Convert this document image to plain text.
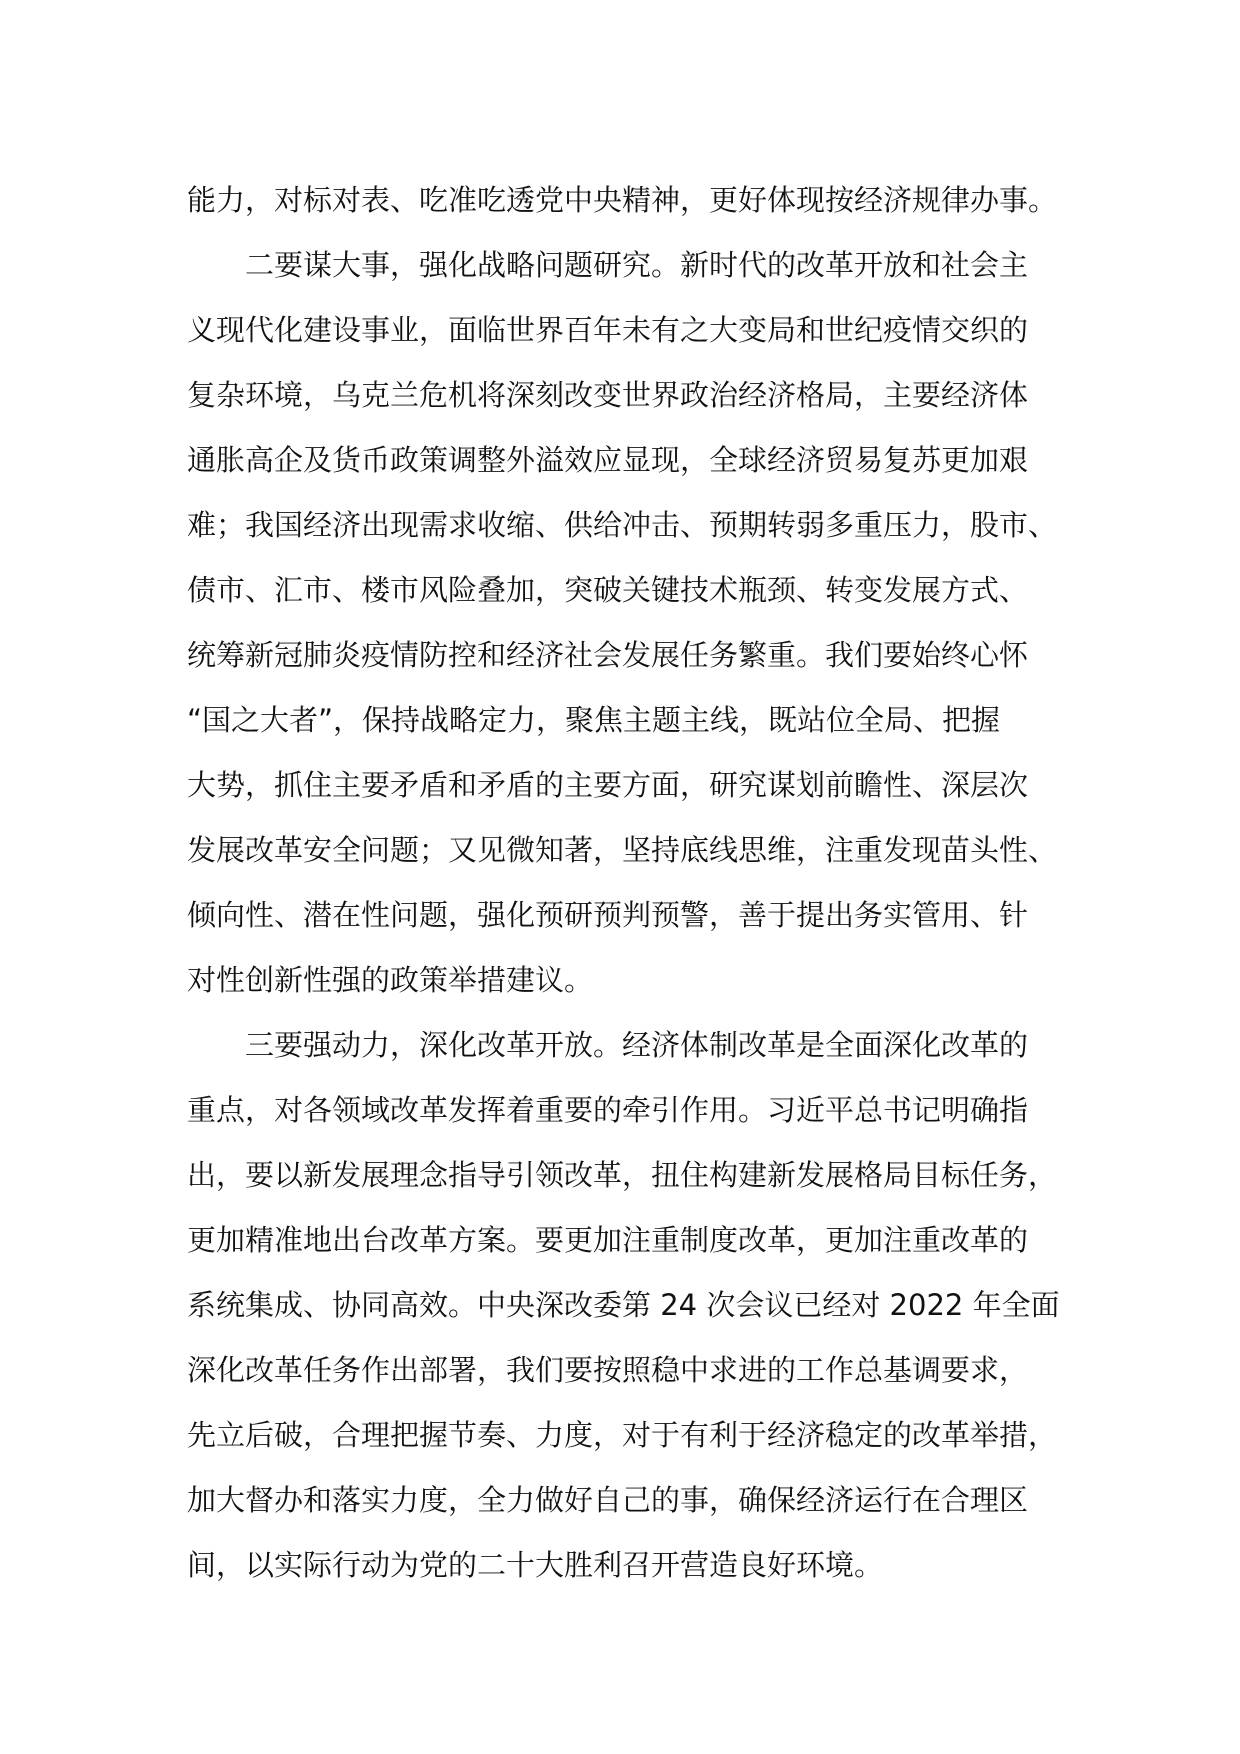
能力，对标对表、吃准吃透党中央精神，更好体现按经济规律办事。
二要谋大事，强化战略问题研究。新时代的改革开放和社会主
义现代化建设事业，面临世界百年未有之大变局和世纪疫情交织的
复杂环境，乌克兰危机将深刻改变世界政治经济格局，主要经济体
通胀高企及货币政策调整外溢效应显现，全球经济贸易复苏更加艰
难；我国经济出现需求收缩、供给冲击、预期转弱多重压力，股市、
债市、汇市、楼市风险叠加，突破关键技术瓶颈、转变发展方式、
统筹新冠肺炎疫情防控和经济社会发展任务繁重。我们要始终心怀
“国之大者”，保持战略定力，聚焦主题主线，既站位全局、把握
大势，抓住主要矛盾和矛盾的主要方面，研究谋划前瞻性、深层次
发展改革安全问题；又见微知著，坚持底线思维，注重发现苗头性、
倾向性、潜在性问题，强化预研预判预警，善于提出务实管用、针
对性创新性强的政策举措建议。
三要强动力，深化改革开放。经济体制改革是全面深化改革的
重点，对各领域改革发挥着重要的牵引作用。习近平总书记明确指
出，要以新发展理念指导引领改革，扭住构建新发展格局目标任务，
更加精准地出台改革方案。要更加注重制度改革，更加注重改革的
系统集成、协同高效。中央深改委第 24 次会议已经对 2022 年全面
深化改革任务作出部署，我们要按照稳中求进的工作总基调要求，
先立后破，合理把握节奏、力度，对于有利于经济稳定的改革举措，
加大督办和落实力度，全力做好自己的事，确保经济运行在合理区
间，以实际行动为党的二十大胜利召开营造良好环境。
